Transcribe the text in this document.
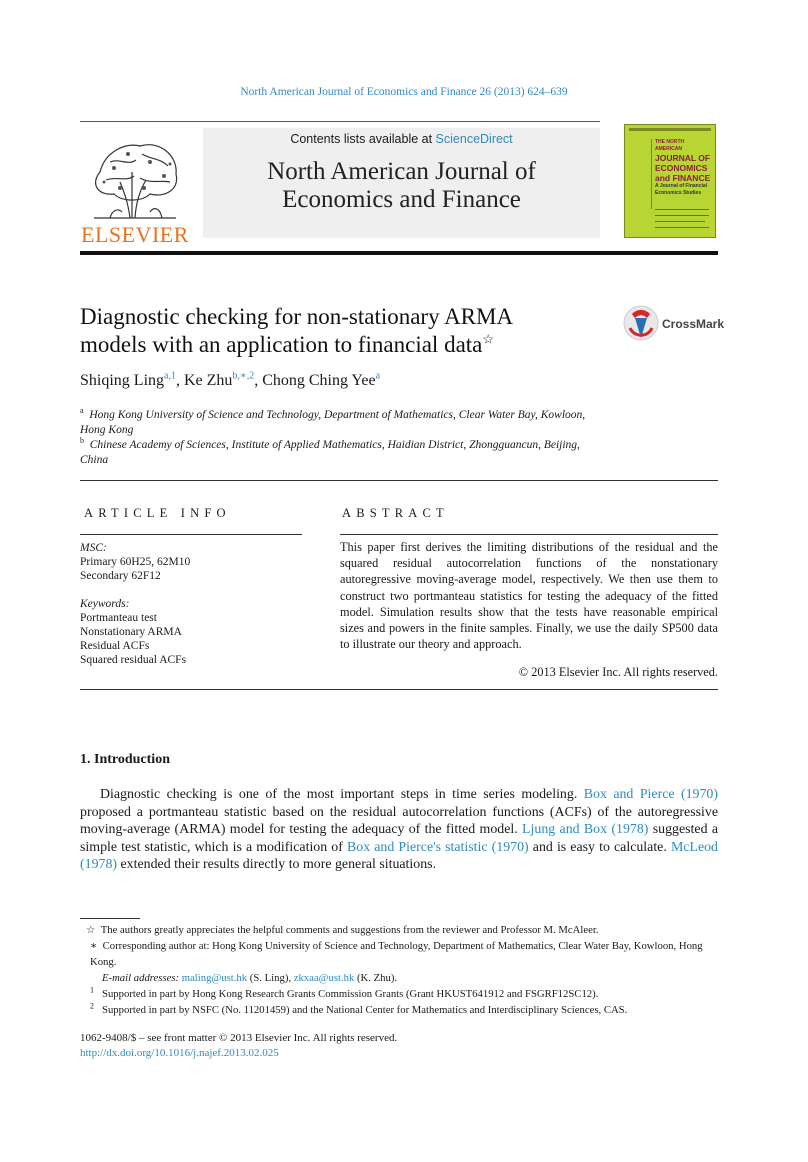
North American Journal of Economics and Finance 26 (2013) 624–639
ELSEVIER
Contents lists available at ScienceDirect
North American Journal of
Economics and Finance
THE NORTH AMERICAN
JOURNAL OF
ECONOMICS
and FINANCE
A Journal of Financial
Economics Studies
Diagnostic checking for non-stationary ARMA
models with an application to financial data☆
CrossMark
Shiqing Ling$^{a,1}$, Ke Zhu$^{b,∗,2}$, Chong Ching Yee$^a$
$^a$ Hong Kong University of Science and Technology, Department of Mathematics, Clear Water Bay, Kowloon, Hong Kong
$^b$ Chinese Academy of Sciences, Institute of Applied Mathematics, Haidian District, Zhongguancun, Beijing, China
ARTICLE INFO
MSC:
Primary 60H25, 62M10
Secondary 62F12
Keywords:
Portmanteau test
Nonstationary ARMA
Residual ACFs
Squared residual ACFs
ABSTRACT
This paper first derives the limiting distributions of the residual and the squared residual autocorrelation functions of the nonstationary autoregressive moving-average model, respectively. We then use them to construct two portmanteau statistics for testing the adequacy of the fitted model. Simulation results show that the tests have reasonable empirical sizes and powers in the finite samples. Finally, we use the daily SP500 data to illustrate our theory and approach.
© 2013 Elsevier Inc. All rights reserved.
1. Introduction
Diagnostic checking is one of the most important steps in time series modeling. Box and Pierce (1970) proposed a portmanteau statistic based on the residual autocorrelation functions (ACFs) of the autoregressive moving-average (ARMA) model for testing the adequacy of the fitted model. Ljung and Box (1978) suggested a simple test statistic, which is a modification of Box and Pierce's statistic (1970) and is easy to calculate. McLeod (1978) extended their results directly to more general situations.

☆ The authors greatly appreciates the helpful comments and suggestions from the reviewer and Professor M. McAleer.

∗ Corresponding author at: Hong Kong University of Science and Technology, Department of Mathematics, Clear Water Bay, Kowloon, Hong Kong.

E-mail addresses: maling@ust.hk (S. Ling), zkxaa@ust.hk (K. Zhu).

$^1$ Supported in part by Hong Kong Research Grants Commission Grants (Grant HKUST641912 and FSGRF12SC12).

$^2$ Supported in part by NSFC (No. 11201459) and the National Center for Mathematics and Interdisciplinary Sciences, CAS.

1062-9408/$ – see front matter © 2013 Elsevier Inc. All rights reserved.
http://dx.doi.org/10.1016/j.najef.2013.02.025
